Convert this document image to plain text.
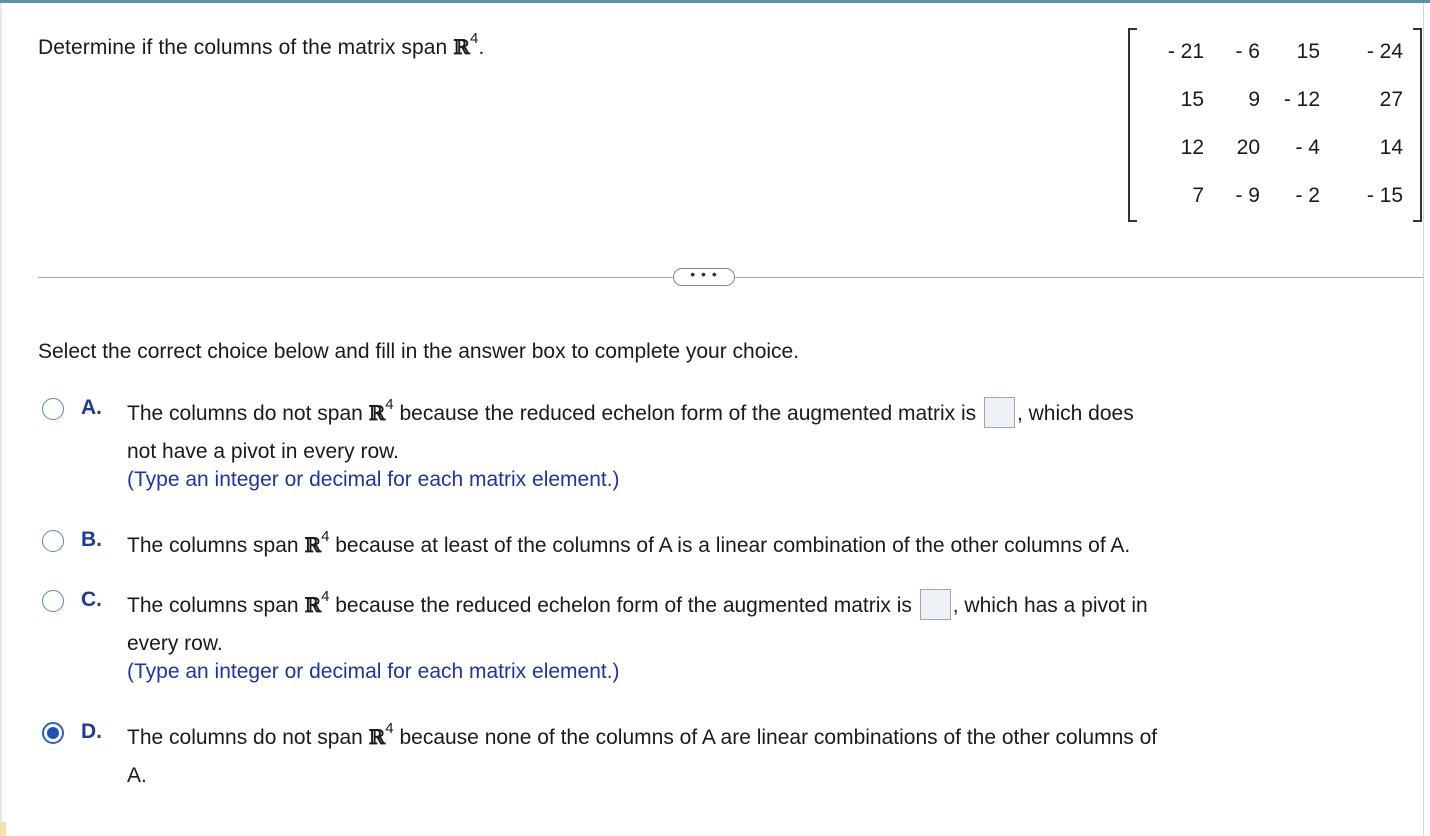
Determine if the columns of the matrix span ℝ$^4$.	- 21	- 6	15	- 24
15	9	- 12	27
12	20	- 4	14
7	- 9	- 2	- 15
• • •
Select the correct choice below and fill in the answer box to complete your choice.
A. The columns do not span ℝ$^4$ because the reduced echelon form of the augmented matrix is , which does
not have a pivot in every row.
(Type an integer or decimal for each matrix element.)
B. The columns span ℝ$^4$ because at least of the columns of A is a linear combination of the other columns of A.
C. The columns span ℝ$^4$ because the reduced echelon form of the augmented matrix is , which has a pivot in
every row.
(Type an integer or decimal for each matrix element.)
D. The columns do not span ℝ$^4$ because none of the columns of A are linear combinations of the other columns of
A.
